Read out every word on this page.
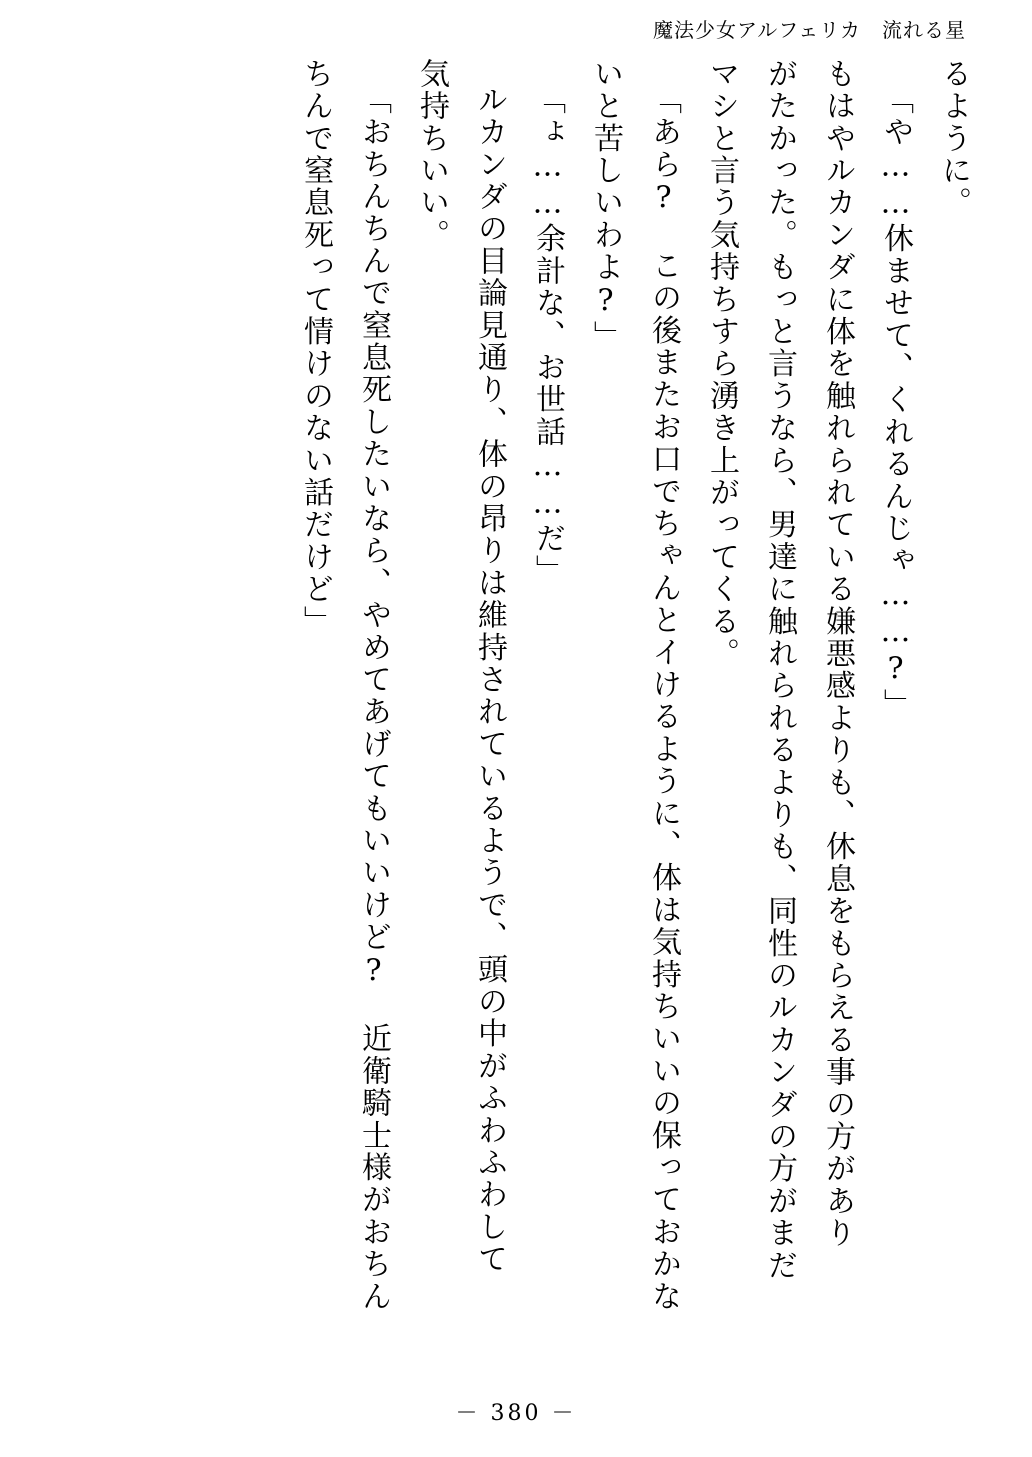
魔法少女アルフェリカ　流れる星
るように。
「や……休ませて、くれるんじゃ……?」
もはやルカンダに体を触れられている嫌悪感よりも、休息をもらえる事の方があり
がたかった。もっと言うなら、男達に触れられるよりも、同性のルカンダの方がまだ
マシと言う気持ちすら湧き上がってくる。
「あら?　この後またお口でちゃんとイけるように、体は気持ちいいの保っておかな
いと苦しいわよ?」
「ょ……余計な、お世話……だ」
ルカンダの目論見通り、体の昂りは維持されているようで、頭の中がふわふわして
気持ちいい。
「おちんちんで窒息死したいなら、やめてあげてもいいけど?　近衛騎士様がおちん
ちんで窒息死って情けのない話だけど」
－ 380 －
